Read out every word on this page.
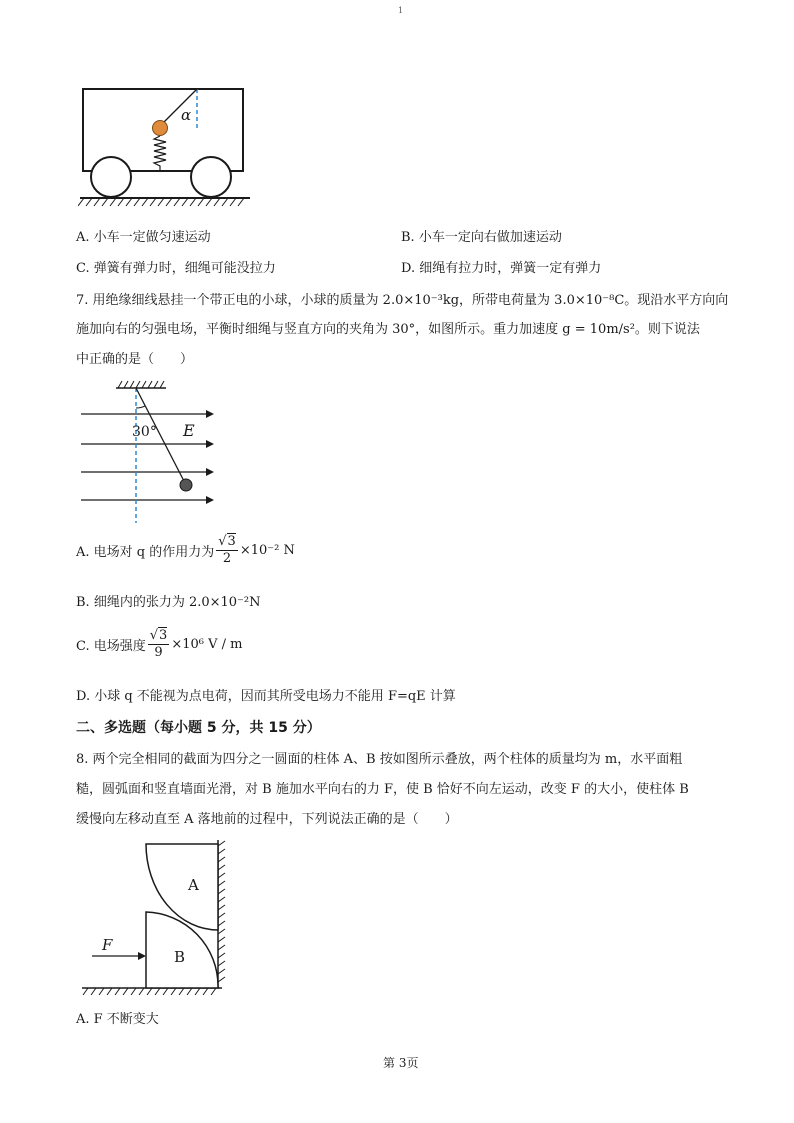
1
α
A. 小车一定做匀速运动	B. 小车一定向右做加速运动
C. 弹簧有弹力时，细绳可能没拉力	D. 细绳有拉力时，弹簧一定有弹力
7. 用绝缘细线悬挂一个带正电的小球，小球的质量为 2.0×10⁻³kg，所带电荷量为 3.0×10⁻⁸C。现沿水平方向向
施加向右的匀强电场，平衡时细绳与竖直方向的夹角为 30°，如图所示。重力加速度 g = 10m/s²。则下说法
中正确的是（　　）
30° E
A. 电场对 q 的作用力为 $\frac{√3}{2} \times 10^{-2}$ N
B. 细绳内的张力为 2.0×10⁻²N
C. 电场强度 $\frac{√3}{9} \times 10^6$ V / m
D. 小球 q 不能视为点电荷，因而其所受电场力不能用 F=qE 计算
二、多选题（每小题 5 分，共 15 分）
8. 两个完全相同的截面为四分之一圆面的柱体 A、B 按如图所示叠放，两个柱体的质量均为 m，水平面粗
糙，圆弧面和竖直墙面光滑，对 B 施加水平向右的力 F，使 B 恰好不向左运动，改变 F 的大小，使柱体 B
缓慢向左移动直至 A 落地前的过程中，下列说法正确的是（　　）
F
A
B
A. F 不断变大
第 3页
